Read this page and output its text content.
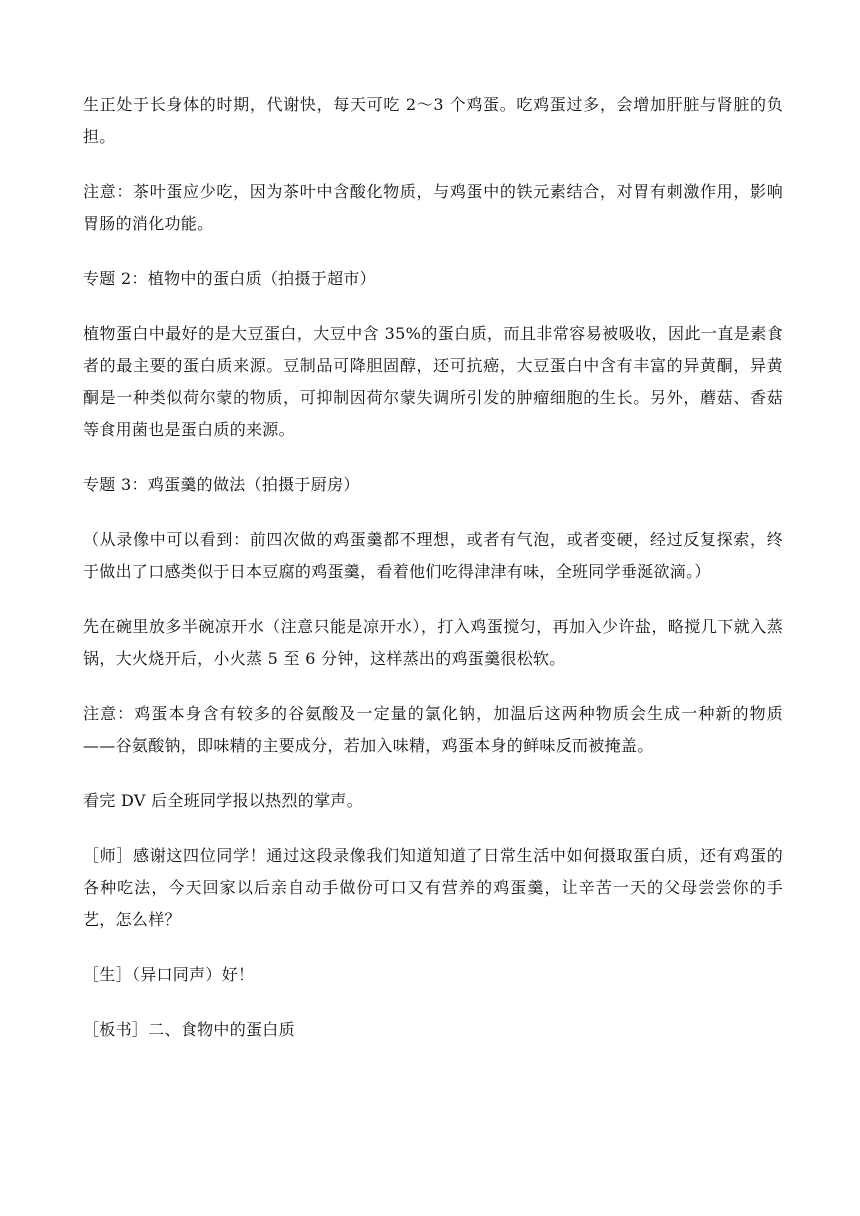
生正处于长身体的时期，代谢快，每天可吃 2～3 个鸡蛋。吃鸡蛋过多，会增加肝脏与肾脏的负担。

注意：茶叶蛋应少吃，因为茶叶中含酸化物质，与鸡蛋中的铁元素结合，对胃有刺激作用，影响胃肠的消化功能。

专题 2：植物中的蛋白质（拍摄于超市）

植物蛋白中最好的是大豆蛋白，大豆中含 35%的蛋白质，而且非常容易被吸收，因此一直是素食者的最主要的蛋白质来源。豆制品可降胆固醇，还可抗癌，大豆蛋白中含有丰富的异黄酮，异黄酮是一种类似荷尔蒙的物质，可抑制因荷尔蒙失调所引发的肿瘤细胞的生长。另外，蘑菇、香菇等食用菌也是蛋白质的来源。

专题 3：鸡蛋羹的做法（拍摄于厨房）

（从录像中可以看到：前四次做的鸡蛋羹都不理想，或者有气泡，或者变硬，经过反复探索，终于做出了口感类似于日本豆腐的鸡蛋羹，看着他们吃得津津有味，全班同学垂涎欲滴。）

先在碗里放多半碗凉开水（注意只能是凉开水），打入鸡蛋搅匀，再加入少许盐，略搅几下就入蒸锅，大火烧开后，小火蒸 5 至 6 分钟，这样蒸出的鸡蛋羹很松软。

注意：鸡蛋本身含有较多的谷氨酸及一定量的氯化钠，加温后这两种物质会生成一种新的物质——谷氨酸钠，即味精的主要成分，若加入味精，鸡蛋本身的鲜味反而被掩盖。

看完 DV 后全班同学报以热烈的掌声。

［师］感谢这四位同学！通过这段录像我们知道知道了日常生活中如何摄取蛋白质，还有鸡蛋的各种吃法，今天回家以后亲自动手做份可口又有营养的鸡蛋羹，让辛苦一天的父母尝尝你的手艺，怎么样？

［生］（异口同声）好！

［板书］二、食物中的蛋白质
